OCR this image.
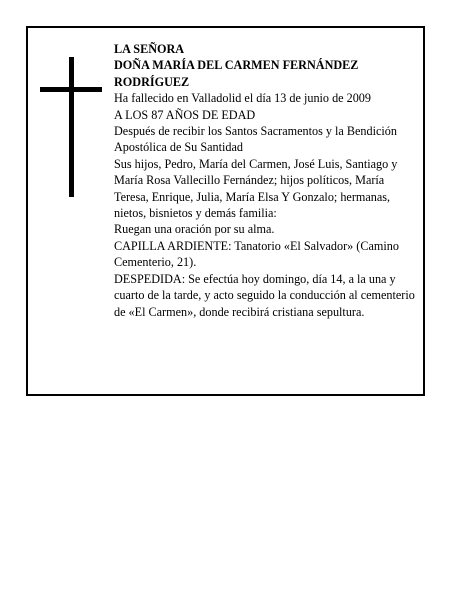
LA SEÑORA

DOÑA MARÍA DEL CARMEN FERNÁNDEZ RODRÍGUEZ

Ha fallecido en Valladolid el día 13 de junio de 2009

A LOS 87 AÑOS DE EDAD

Después de recibir los Santos Sacramentos y la Bendición Apostólica de Su Santidad

Sus hijos, Pedro, María del Carmen, José Luis, Santiago y María Rosa Vallecillo Fernández; hijos políticos, María Teresa, Enrique, Julia, María Elsa Y Gonzalo; hermanas, nietos, bisnietos y demás familia:

Ruegan una oración por su alma.

CAPILLA ARDIENTE: Tanatorio «El Salvador» (Camino Cementerio, 21).

DESPEDIDA: Se efectúa hoy domingo, día 14, a la una y cuarto de la tarde, y acto seguido la conducción al cementerio de «El Carmen», donde recibirá cristiana sepultura.
